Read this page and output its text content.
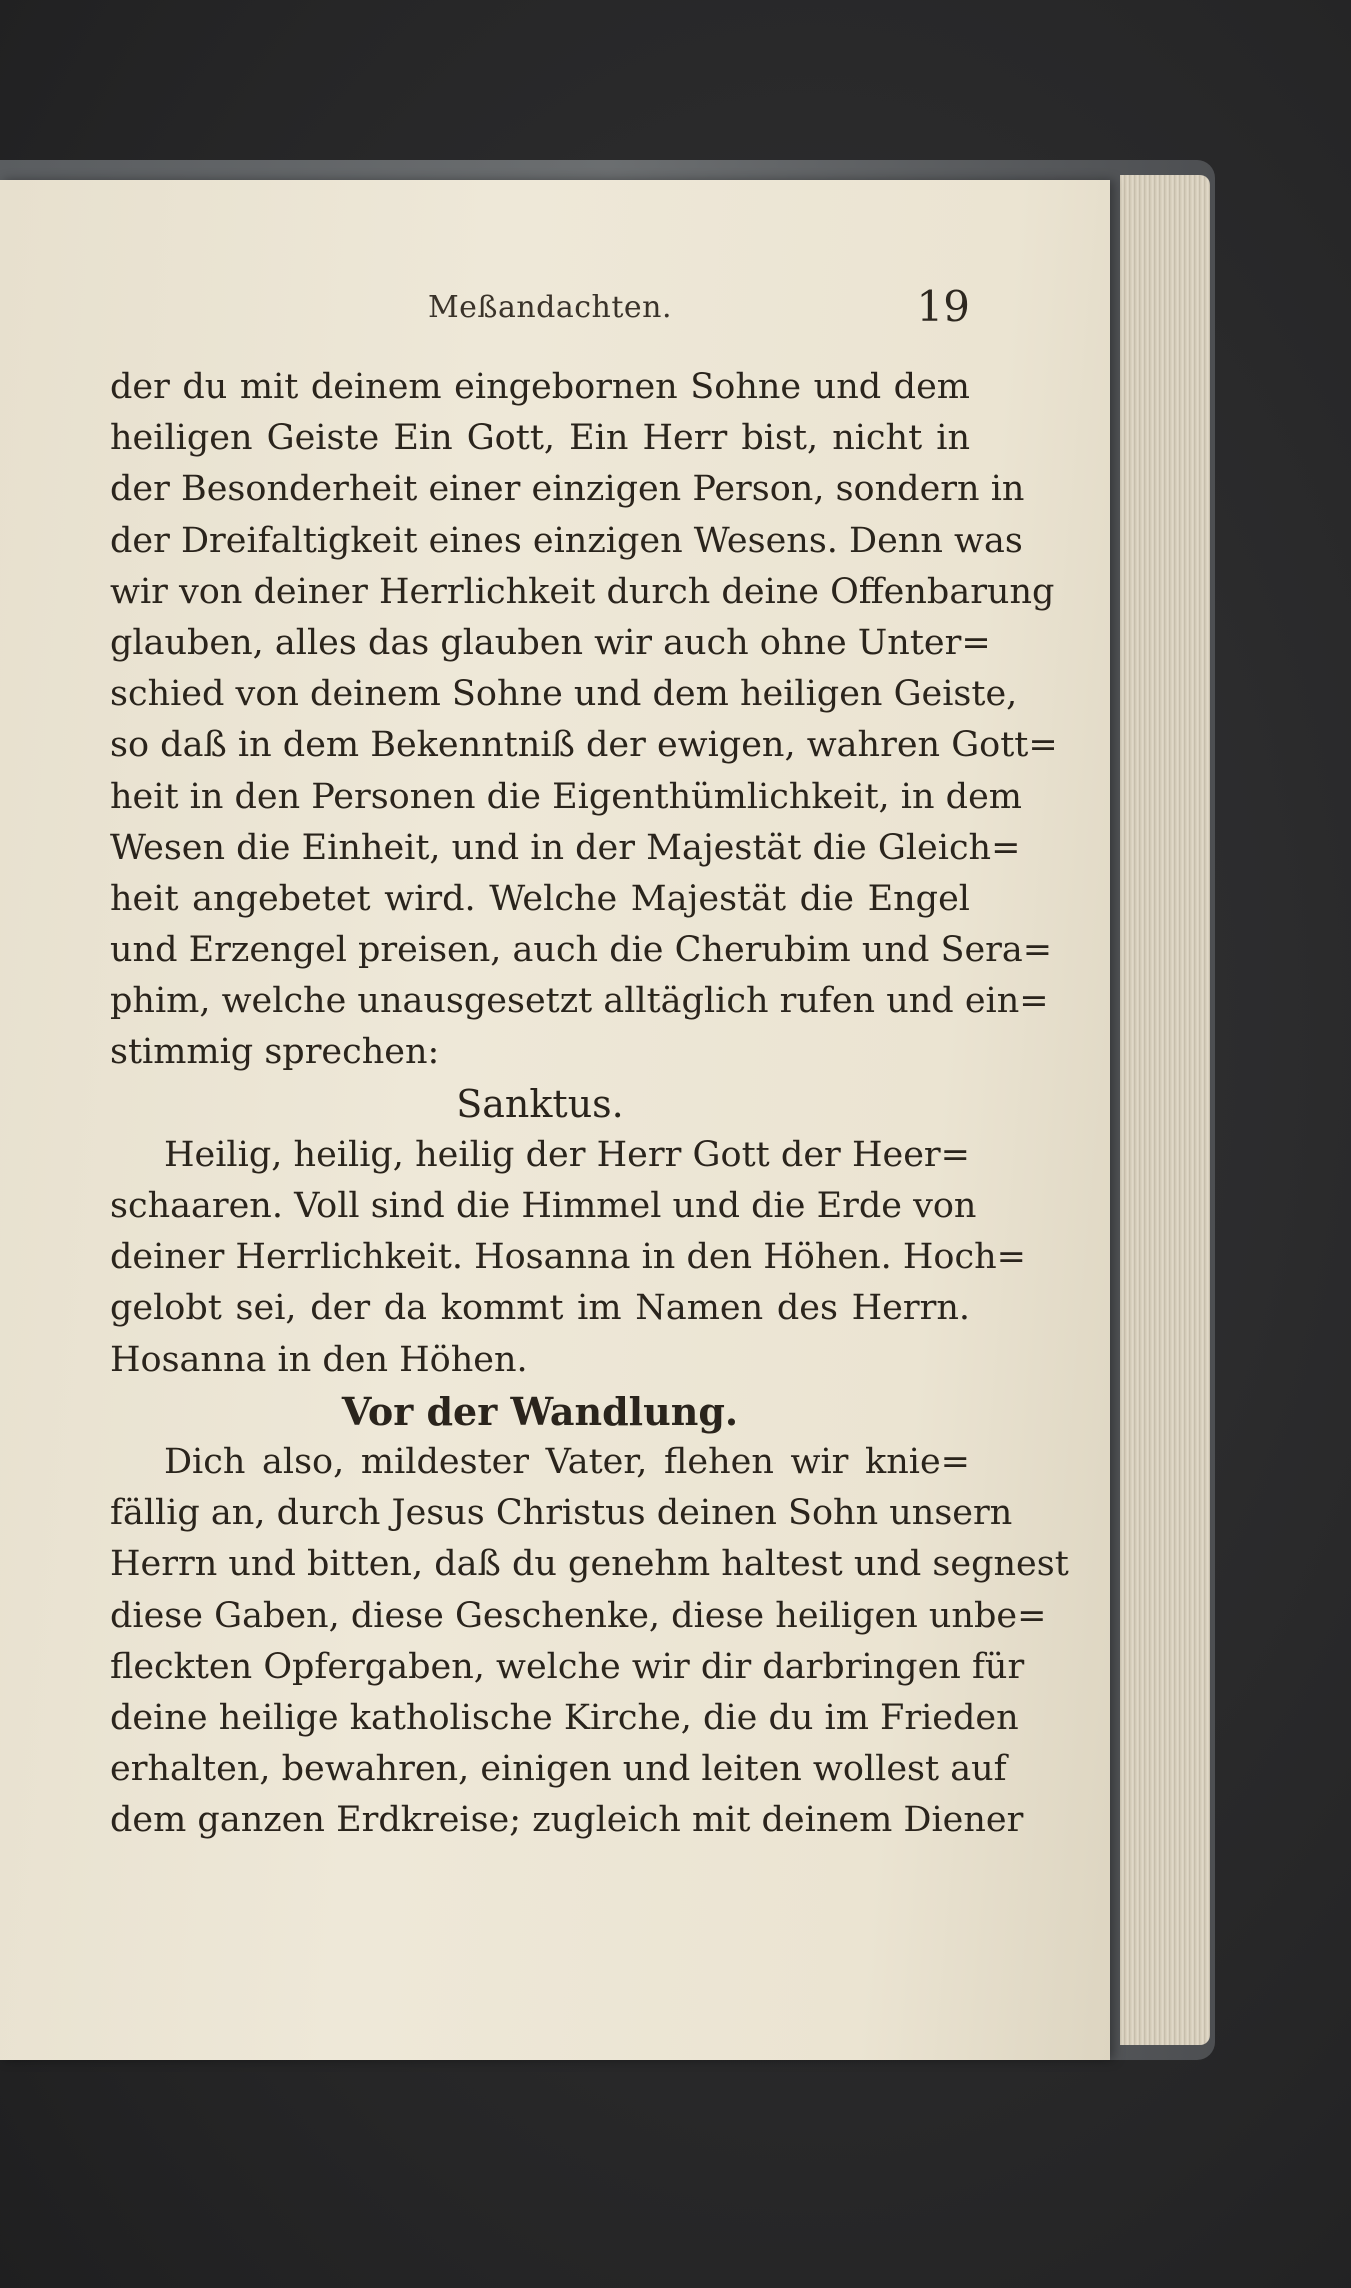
Meßandachten.	19
der du mit deinem eingebornen Sohne und dem
heiligen Geiste Ein Gott, Ein Herr bist, nicht in
der Besonderheit einer einzigen Person, sondern in
der Dreifaltigkeit eines einzigen Wesens. Denn was
wir von deiner Herrlichkeit durch deine Offenbarung
glauben, alles das glauben wir auch ohne Unter=
schied von deinem Sohne und dem heiligen Geiste,
so daß in dem Bekenntniß der ewigen, wahren Gott=
heit in den Personen die Eigenthümlichkeit, in dem
Wesen die Einheit, und in der Majestät die Gleich=
heit angebetet wird. Welche Majestät die Engel
und Erzengel preisen, auch die Cherubim und Sera=
phim, welche unausgesetzt alltäglich rufen und ein=
stimmig sprechen:
Sanktus.
Heilig, heilig, heilig der Herr Gott der Heer=
schaaren. Voll sind die Himmel und die Erde von
deiner Herrlichkeit. Hosanna in den Höhen. Hoch=
gelobt sei, der da kommt im Namen des Herrn.
Hosanna in den Höhen.
Vor der Wandlung.
Dich also, mildester Vater, flehen wir knie=
fällig an, durch Jesus Christus deinen Sohn unsern
Herrn und bitten, daß du genehm haltest und segnest
diese Gaben, diese Geschenke, diese heiligen unbe=
fleckten Opfergaben, welche wir dir darbringen für
deine heilige katholische Kirche, die du im Frieden
erhalten, bewahren, einigen und leiten wollest auf
dem ganzen Erdkreise; zugleich mit deinem Diener
